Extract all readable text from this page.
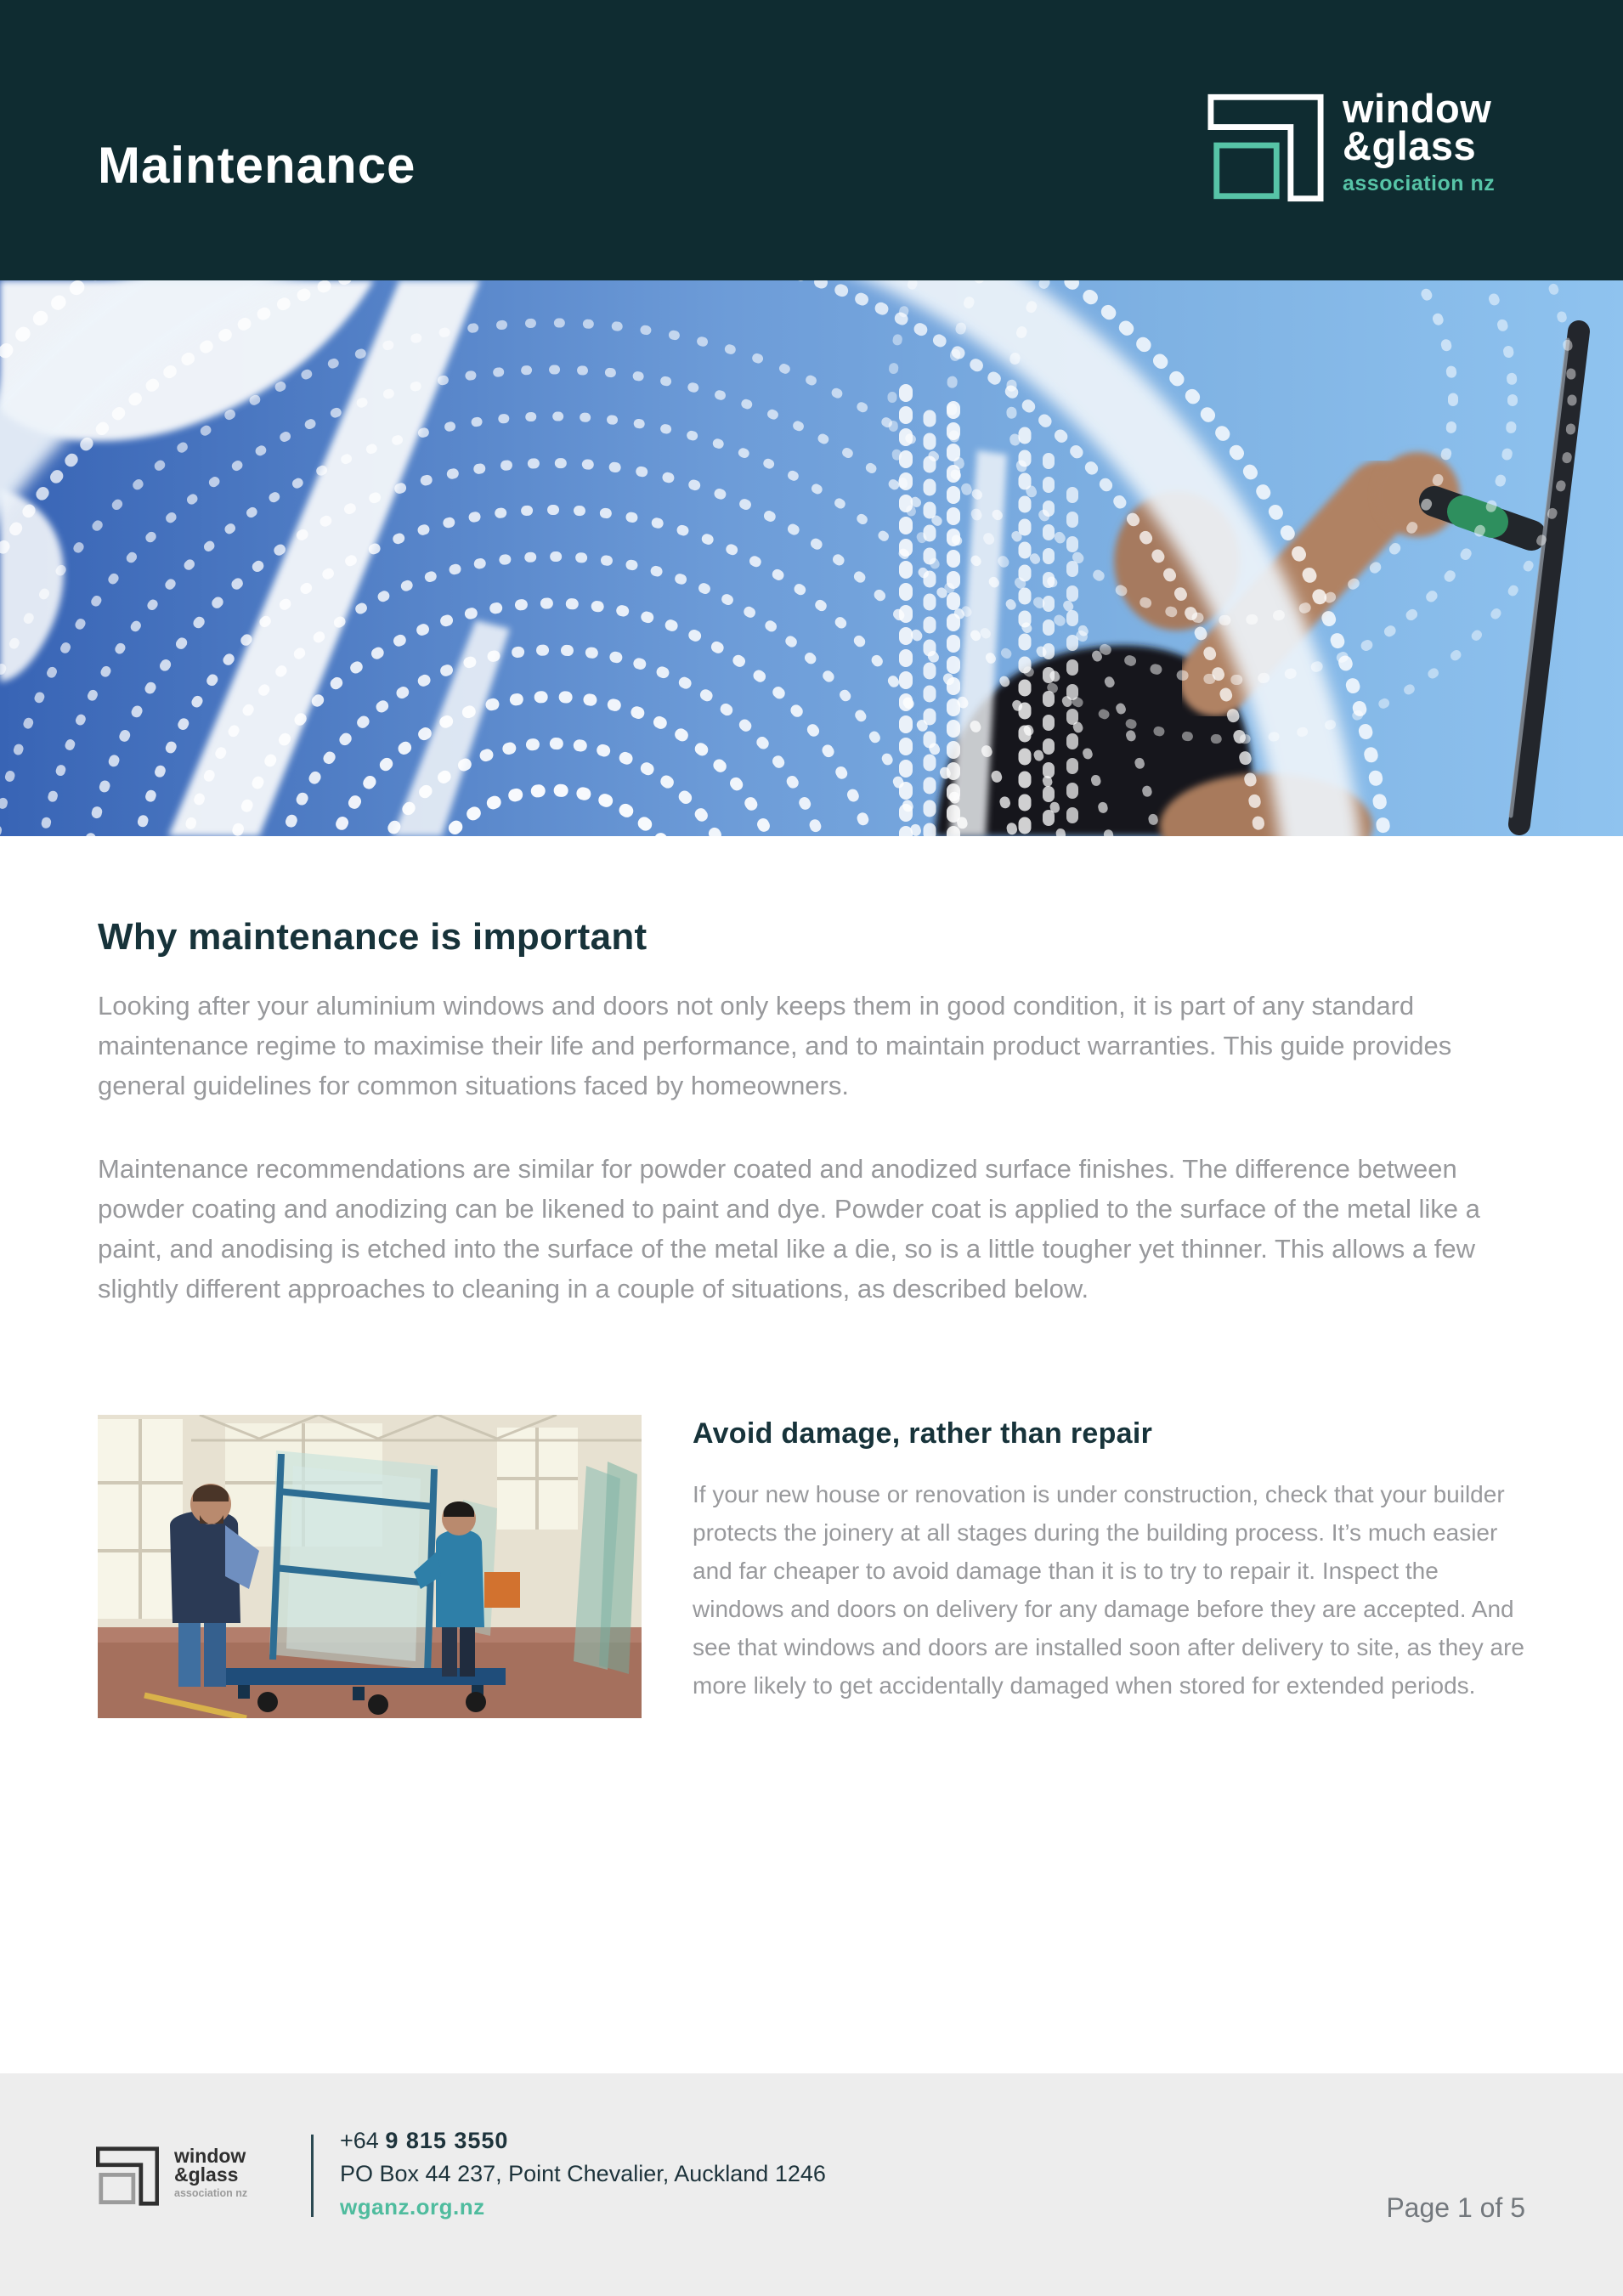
Maintenance
window
&glass
association nz
Why maintenance is important

Looking after your aluminium windows and doors not only keeps them in good condition, it is part of any standard maintenance regime to maximise their life and performance, and to maintain product warranties. This guide provides general guidelines for common situations faced by homeowners.

Maintenance recommendations are similar for powder coated and anodized surface finishes. The difference between powder coating and anodizing can be likened to paint and dye. Powder coat is applied to the surface of the metal like a paint, and anodising is etched into the surface of the metal like a die, so is a little tougher yet thinner. This allows a few slightly different approaches to cleaning in a couple of situations, as described below.

Avoid damage, rather than repair

If your new house or renovation is under construction, check that your builder protects the joinery at all stages during the building process. It’s much easier and far cheaper to avoid damage than it is to try to repair it. Inspect the windows and doors on delivery for any damage before they are accepted. And see that windows and doors are installed soon after delivery to site, as they are more likely to get accidentally damaged when stored for extended periods.

window
&glass
association nz
+64 9 815 3550
PO Box 44 237, Point Chevalier, Auckland 1246
wganz.org.nz	Page 1 of 5
